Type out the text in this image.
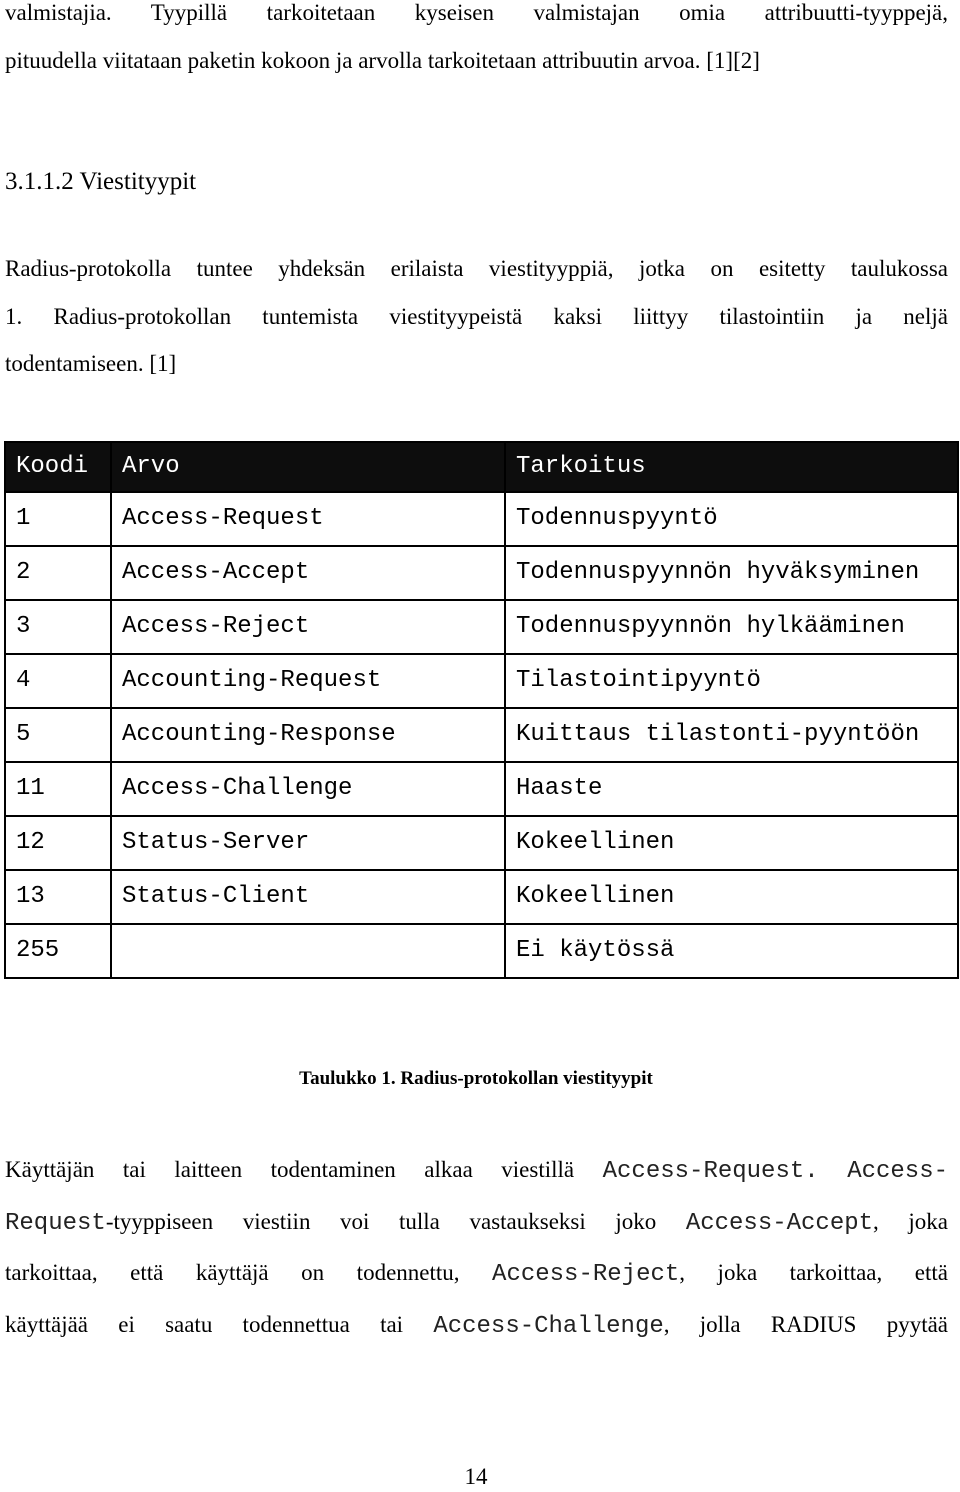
valmistajia. Tyypillä tarkoitetaan kyseisen valmistajan omia attribuutti-tyyppejä,
pituudella viitataan paketin kokoon ja arvolla tarkoitetaan attribuutin arvoa. [1][2]
3.1.1.2 Viestityypit
Radius-protokolla tuntee yhdeksän erilaista viestityyppiä, jotka on esitetty taulukossa
1. Radius-protokollan tuntemista viestityypeistä kaksi liittyy tilastointiin ja neljä
todentamiseen. [1]
Koodi	Arvo	Tarkoitus
1	Access-Request	Todennuspyyntö
2	Access-Accept	Todennuspyynnön hyväksyminen
3	Access-Reject	Todennuspyynnön hylkääminen
4	Accounting-Request	Tilastointipyyntö
5	Accounting-Response	Kuittaus tilastonti-pyyntöön
11	Access-Challenge	Haaste
12	Status-Server	Kokeellinen
13	Status-Client	Kokeellinen
255		Ei käytössä
Taulukko 1. Radius-protokollan viestityypit
Käyttäjän tai laitteen todentaminen alkaa viestillä Access-Request. Access-
Request-tyyppiseen viestiin voi tulla vastaukseksi joko Access-Accept, joka
tarkoittaa, että käyttäjä on todennettu, Access-Reject, joka tarkoittaa, että
käyttäjää ei saatu todennettua tai Access-Challenge, jolla RADIUS pyytää
14
